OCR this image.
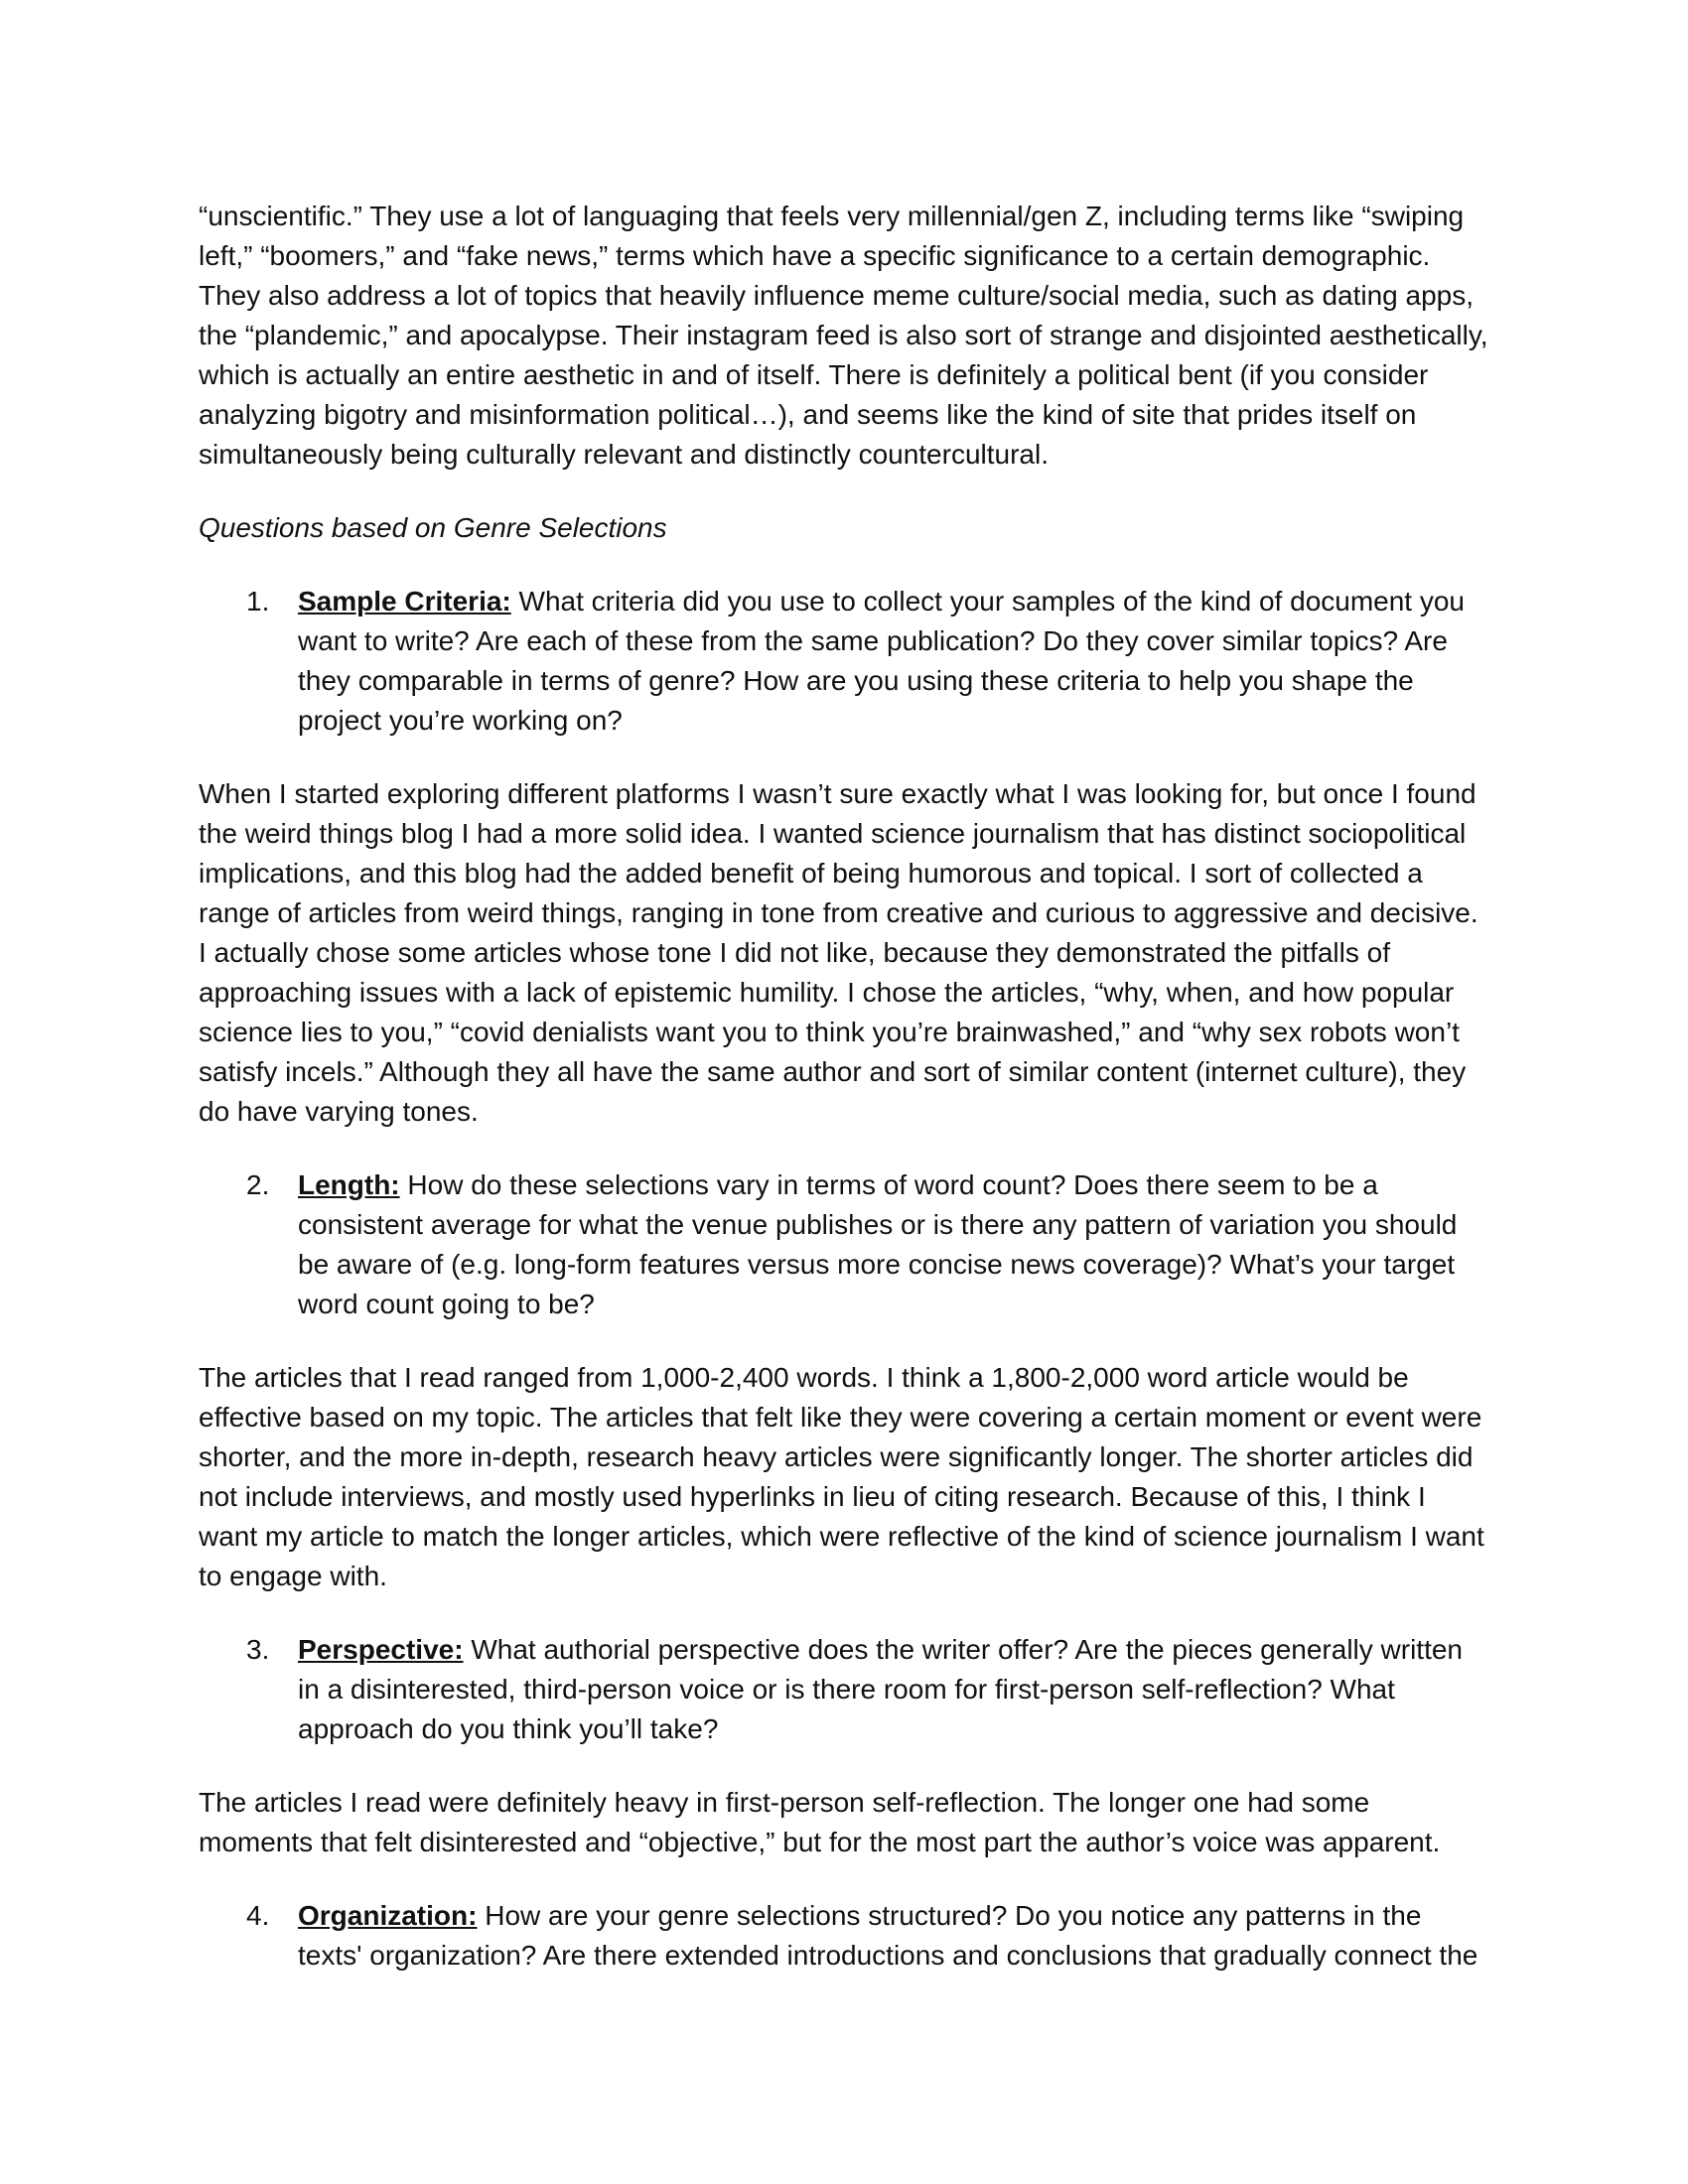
“unscientific.” They use a lot of languaging that feels very millennial/gen Z, including terms like “swiping left,” “boomers,” and “fake news,” terms which have a specific significance to a certain demographic. They also address a lot of topics that heavily influence meme culture/social media, such as dating apps, the “plandemic,” and apocalypse. Their instagram feed is also sort of strange and disjointed aesthetically, which is actually an entire aesthetic in and of itself. There is definitely a political bent (if you consider analyzing bigotry and misinformation political…), and seems like the kind of site that prides itself on simultaneously being culturally relevant and distinctly countercultural.

Questions based on Genre Selections

1. Sample Criteria: What criteria did you use to collect your samples of the kind of document you want to write? Are each of these from the same publication? Do they cover similar topics? Are they comparable in terms of genre? How are you using these criteria to help you shape the project you’re working on?

When I started exploring different platforms I wasn’t sure exactly what I was looking for, but once I found the weird things blog I had a more solid idea. I wanted science journalism that has distinct sociopolitical implications, and this blog had the added benefit of being humorous and topical. I sort of collected a range of articles from weird things, ranging in tone from creative and curious to aggressive and decisive. I actually chose some articles whose tone I did not like, because they demonstrated the pitfalls of approaching issues with a lack of epistemic humility. I chose the articles, “why, when, and how popular science lies to you,” “covid denialists want you to think you’re brainwashed,” and “why sex robots won’t satisfy incels.” Although they all have the same author and sort of similar content (internet culture), they do have varying tones.

2. Length: How do these selections vary in terms of word count? Does there seem to be a consistent average for what the venue publishes or is there any pattern of variation you should be aware of (e.g. long-form features versus more concise news coverage)? What’s your target word count going to be?

The articles that I read ranged from 1,000-2,400 words. I think a 1,800-2,000 word article would be effective based on my topic. The articles that felt like they were covering a certain moment or event were shorter, and the more in-depth, research heavy articles were significantly longer. The shorter articles did not include interviews, and mostly used hyperlinks in lieu of citing research. Because of this, I think I want my article to match the longer articles, which were reflective of the kind of science journalism I want to engage with.

3. Perspective: What authorial perspective does the writer offer? Are the pieces generally written in a disinterested, third-person voice or is there room for first-person self-reflection? What approach do you think you’ll take?

The articles I read were definitely heavy in first-person self-reflection. The longer one had some moments that felt disinterested and “objective,” but for the most part the author’s voice was apparent.

4. Organization: How are your genre selections structured? Do you notice any patterns in the texts' organization? Are there extended introductions and conclusions that gradually connect the
